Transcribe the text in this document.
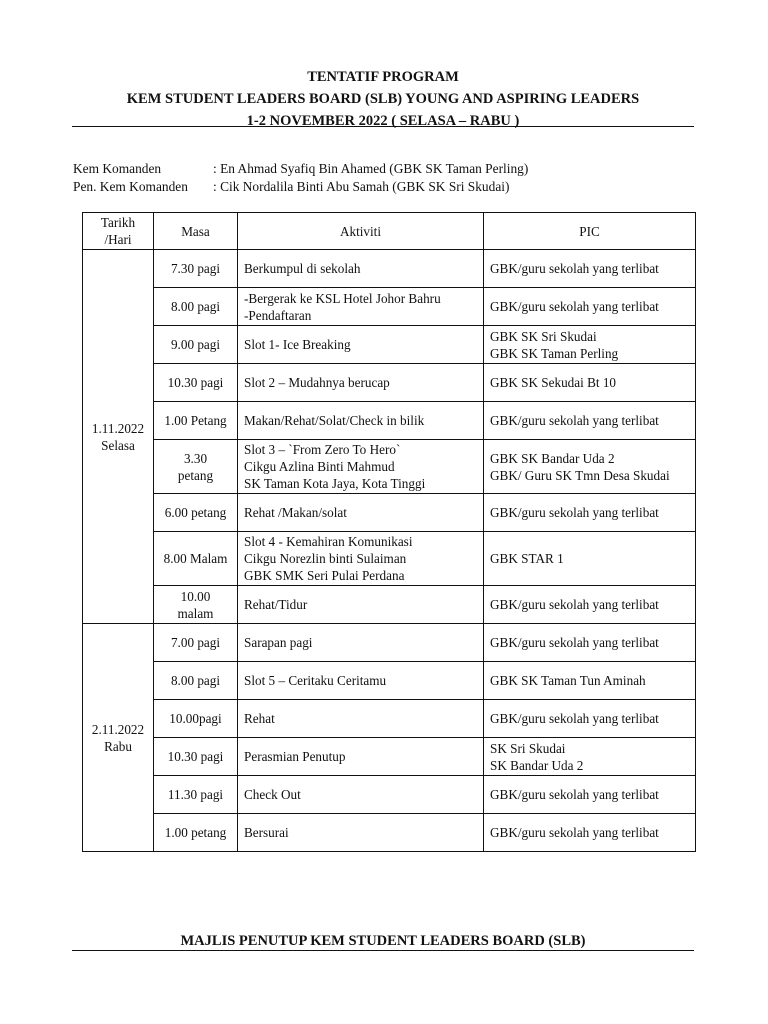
TENTATIF PROGRAM
KEM STUDENT LEADERS BOARD (SLB) YOUNG AND ASPIRING LEADERS
1-2 NOVEMBER 2022 ( SELASA – RABU )
Kem Komanden	: En Ahmad Syafiq Bin Ahamed (GBK SK Taman Perling)
Pen. Kem Komanden	: Cik Nordalila Binti Abu Samah (GBK SK Sri Skudai)
Tarikh
/Hari	Masa	Aktiviti	PIC
1.11.2022
Selasa	7.30 pagi	Berkumpul di sekolah	GBK/guru sekolah yang terlibat
	8.00 pagi	-Bergerak ke KSL Hotel Johor Bahru
-Pendaftaran	GBK/guru sekolah yang terlibat
	9.00 pagi	Slot 1- Ice Breaking	GBK SK Sri Skudai
GBK SK Taman Perling
	10.30 pagi	Slot 2 – Mudahnya berucap	GBK SK Sekudai Bt 10
	1.00 Petang	Makan/Rehat/Solat/Check in bilik	GBK/guru sekolah yang terlibat
	3.30
petang	Slot 3 – `From Zero To Hero`
Cikgu Azlina Binti Mahmud
SK Taman Kota Jaya, Kota Tinggi	GBK SK Bandar Uda 2
GBK/ Guru SK Tmn Desa Skudai
	6.00 petang	Rehat /Makan/solat	GBK/guru sekolah yang terlibat
	8.00 Malam	Slot 4 - Kemahiran Komunikasi
Cikgu Norezlin binti Sulaiman
GBK SMK Seri Pulai Perdana	GBK STAR 1
	10.00
malam	Rehat/Tidur	GBK/guru sekolah yang terlibat
2.11.2022
Rabu	7.00 pagi	Sarapan pagi	GBK/guru sekolah yang terlibat
	8.00 pagi	Slot 5 – Ceritaku Ceritamu	GBK SK Taman Tun Aminah
	10.00pagi	Rehat	GBK/guru sekolah yang terlibat
	10.30 pagi	Perasmian Penutup	SK Sri Skudai
SK Bandar Uda 2
	11.30 pagi	Check Out	GBK/guru sekolah yang terlibat
	1.00 petang	Bersurai	GBK/guru sekolah yang terlibat
MAJLIS PENUTUP KEM STUDENT LEADERS BOARD (SLB)
